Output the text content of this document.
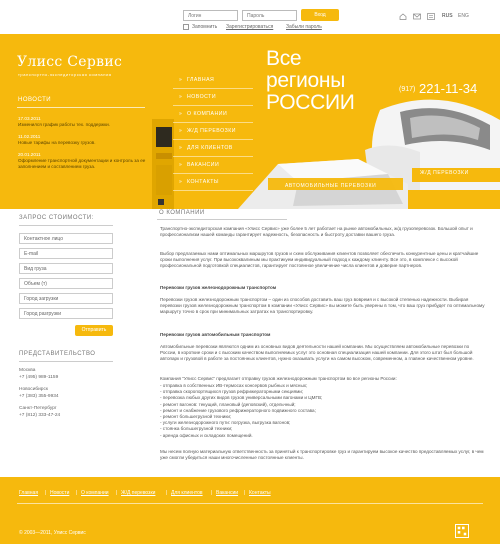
Логин	Пароль	Вход
Запомнить Зарегистрироваться	Забыли пароль
RUS ENG
Улисс Сервис
транспортно-экспедиторская компания
НОВОСТИ
17.03.2011
Изменился график работы тех. поддержки.
11.02.2011
Новые тарифы на перевозку грузов.
20.01.2011
Оформление транспортной документации и контроль за ее заполнением и составлением груза.
» ГЛАВНАЯ
» НОВОСТИ
» О КОМПАНИИ
» Ж/Д ПЕРЕВОЗКИ
» ДЛЯ КЛИЕНТОВ
» ВАКАНСИИ
» КОНТАКТЫ
Все
регионы
РОССИИ
(917) 221-11-34
Ж/Д ПЕРЕВОЗКИ
АВТОМОБИЛЬНЫЕ ПЕРЕВОЗКИ
ЗАПРОС СТОИМОСТИ:
Контактное лицо
E-mail
Вид груза
Объем (т)
Город загрузки
Город разгрузки
Отправить
ПРЕДСТАВИТЕЛЬСТВО
Москва
+7 (495) 989-1159
Новосибирск
+7 (383) 355-9934
Санкт-Петербург
+7 (812) 333-47-24
О КОМПАНИИ
Транспортно-экспедиторская компания «Улисс Сервис» уже более 5 лет работает на рынке автомобильных, ж/д грузоперевозок. Большой опыт и профессионализм нашей команды гарантирует надежность, безопасность и быстроту доставки вашего груза.
Выбор предлагаемых нами оптимальных маршрутов грузов и схем обслуживания клиентов позволяет обеспечить конкурентные цены и кратчайшие сроки выполнения услуг. При высококвалиным мы практикуем индивидуальный подход к каждому клиенту. Все это, в комплексе с высокой профессиональной подготовкой специалистов, гарантирует постоянное увеличение числа клиентов и доверие партнеров.
Перевозки грузов железнодорожным транспортом
Перевозки грузов железнодорожным транспортом – один из способов доставить ваш груз вовремя и с высокой степенью надежности. Выбирая перевозки грузов железнодорожным транспортом в компании «Улисс Сервис» вы можете быть уверены в том, что ваш груз прибудет по оптимальному маршруту точно в срок при минимальных затратах на транспортировку.
Перевозки грузов автомобильным транспортом
Автомобильные перевозки являются одним из основных видов деятельности нашей компании. Мы осуществляем автомобильные перевозки по России, в короткие сроки и с высоким качеством выполняемых услуг это основная специализация нашей компании. Для этого штат был большой автопарк и грузовой в работе за постоянных клиентов, нужно оказывать услуги на самом высоком, современном, а главное качественном уровне.
Компания "Улисс Сервис" предлагает отправку грузов железнодорожным транспортом во все регионы России:
- отправка в собственных ИВ-термосах консервов рыбных и мясных;
- отправка скоропортящихся грузов рефрижераторными секциями;
- перевозка любых других видов грузов универсальными вагонами и ЦМГВ;
- ремонт вагонов: текущий, плановый (деповский), отдельчный;
- ремонт и снабжение грузового рефрижераторного подвижного состава;
- ремонт большегрузной техники;
- услуги железнодорожного пути: погрузка, выгрузка вагонов;
- стоянка большегрузной техники;
- аренда офисных и складских помещений.
Мы несем полную материальную ответственность за принятый к транспортировке груз и гарантируем высокое качество предоставляемых услуг, в чем уже смогли убедиться наши многочисленные постоянные клиенты.
Главная | Новости | О компании | Ж/Д перевозки | Для клиентов | Вакансии | Контакты
© 2003—2011, Улисс Сервис
